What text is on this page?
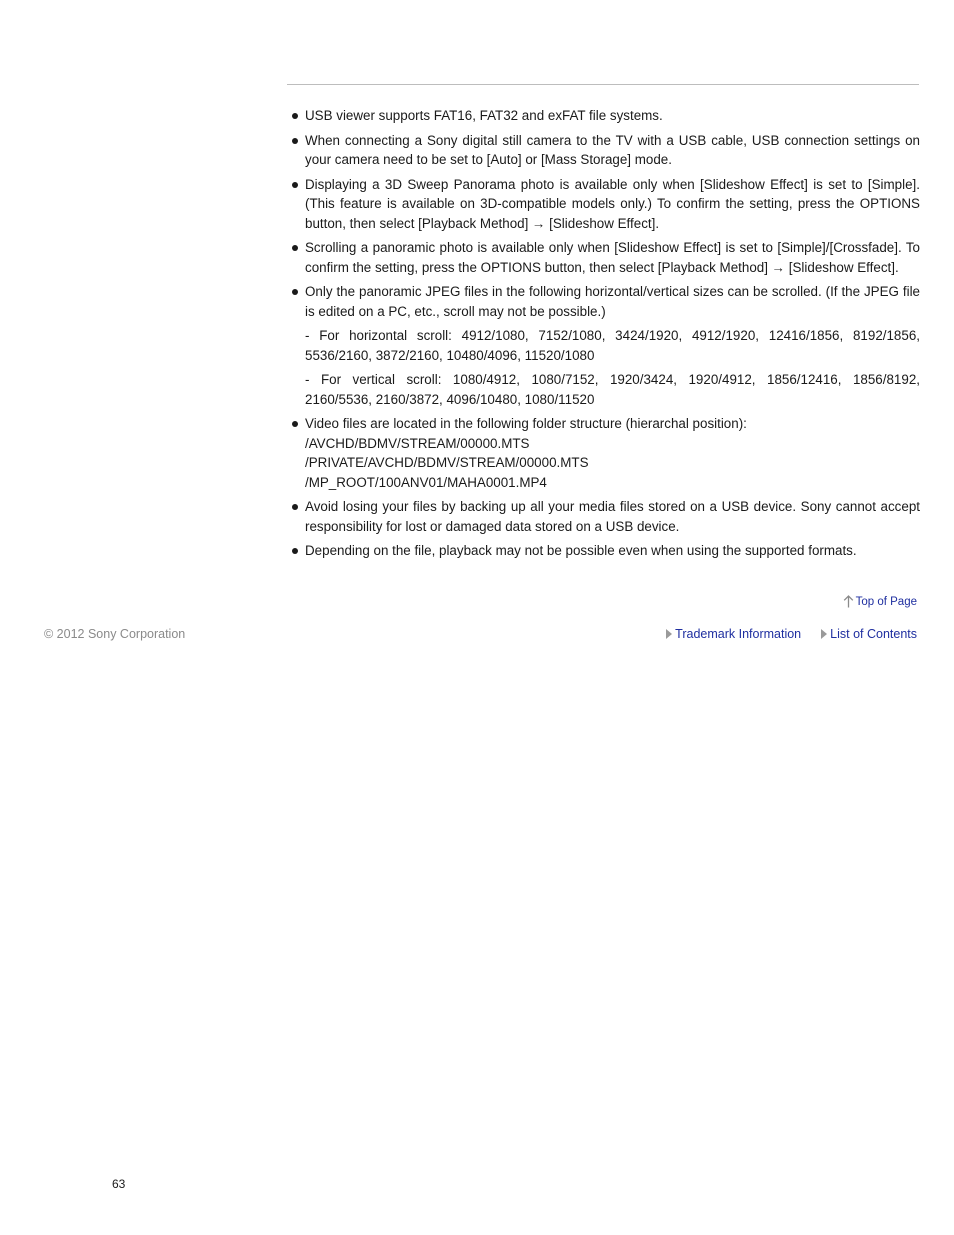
USB viewer supports FAT16, FAT32 and exFAT file systems.

When connecting a Sony digital still camera to the TV with a USB cable, USB connection settings on your camera need to be set to [Auto] or [Mass Storage] mode.

Displaying a 3D Sweep Panorama photo is available only when [Slideshow Effect] is set to [Simple]. (This feature is available on 3D-compatible models only.) To confirm the setting, press the OPTIONS button, then select [Playback Method] → [Slideshow Effect].

Scrolling a panoramic photo is available only when [Slideshow Effect] is set to [Simple]/[Crossfade]. To confirm the setting, press the OPTIONS button, then select [Playback Method] → [Slideshow Effect].

Only the panoramic JPEG files in the following horizontal/vertical sizes can be scrolled. (If the JPEG file is edited on a PC, etc., scroll may not be possible.)

- For horizontal scroll: 4912/1080, 7152/1080, 3424/1920, 4912/1920, 12416/1856, 8192/1856, 5536/2160, 3872/2160, 10480/4096, 11520/1080

- For vertical scroll: 1080/4912, 1080/7152, 1920/3424, 1920/4912, 1856/12416, 1856/8192, 2160/5536, 2160/3872, 4096/10480, 1080/11520

Video files are located in the following folder structure (hierarchal position):

/AVCHD/BDMV/STREAM/00000.MTS
/PRIVATE/AVCHD/BDMV/STREAM/00000.MTS
/MP_ROOT/100ANV01/MAHA0001.MP4

Avoid losing your files by backing up all your media files stored on a USB device. Sony cannot accept responsibility for lost or damaged data stored on a USB device.

Depending on the file, playback may not be possible even when using the supported formats.

Top of Page
© 2012 Sony Corporation	Trademark Information List of Contents
63
